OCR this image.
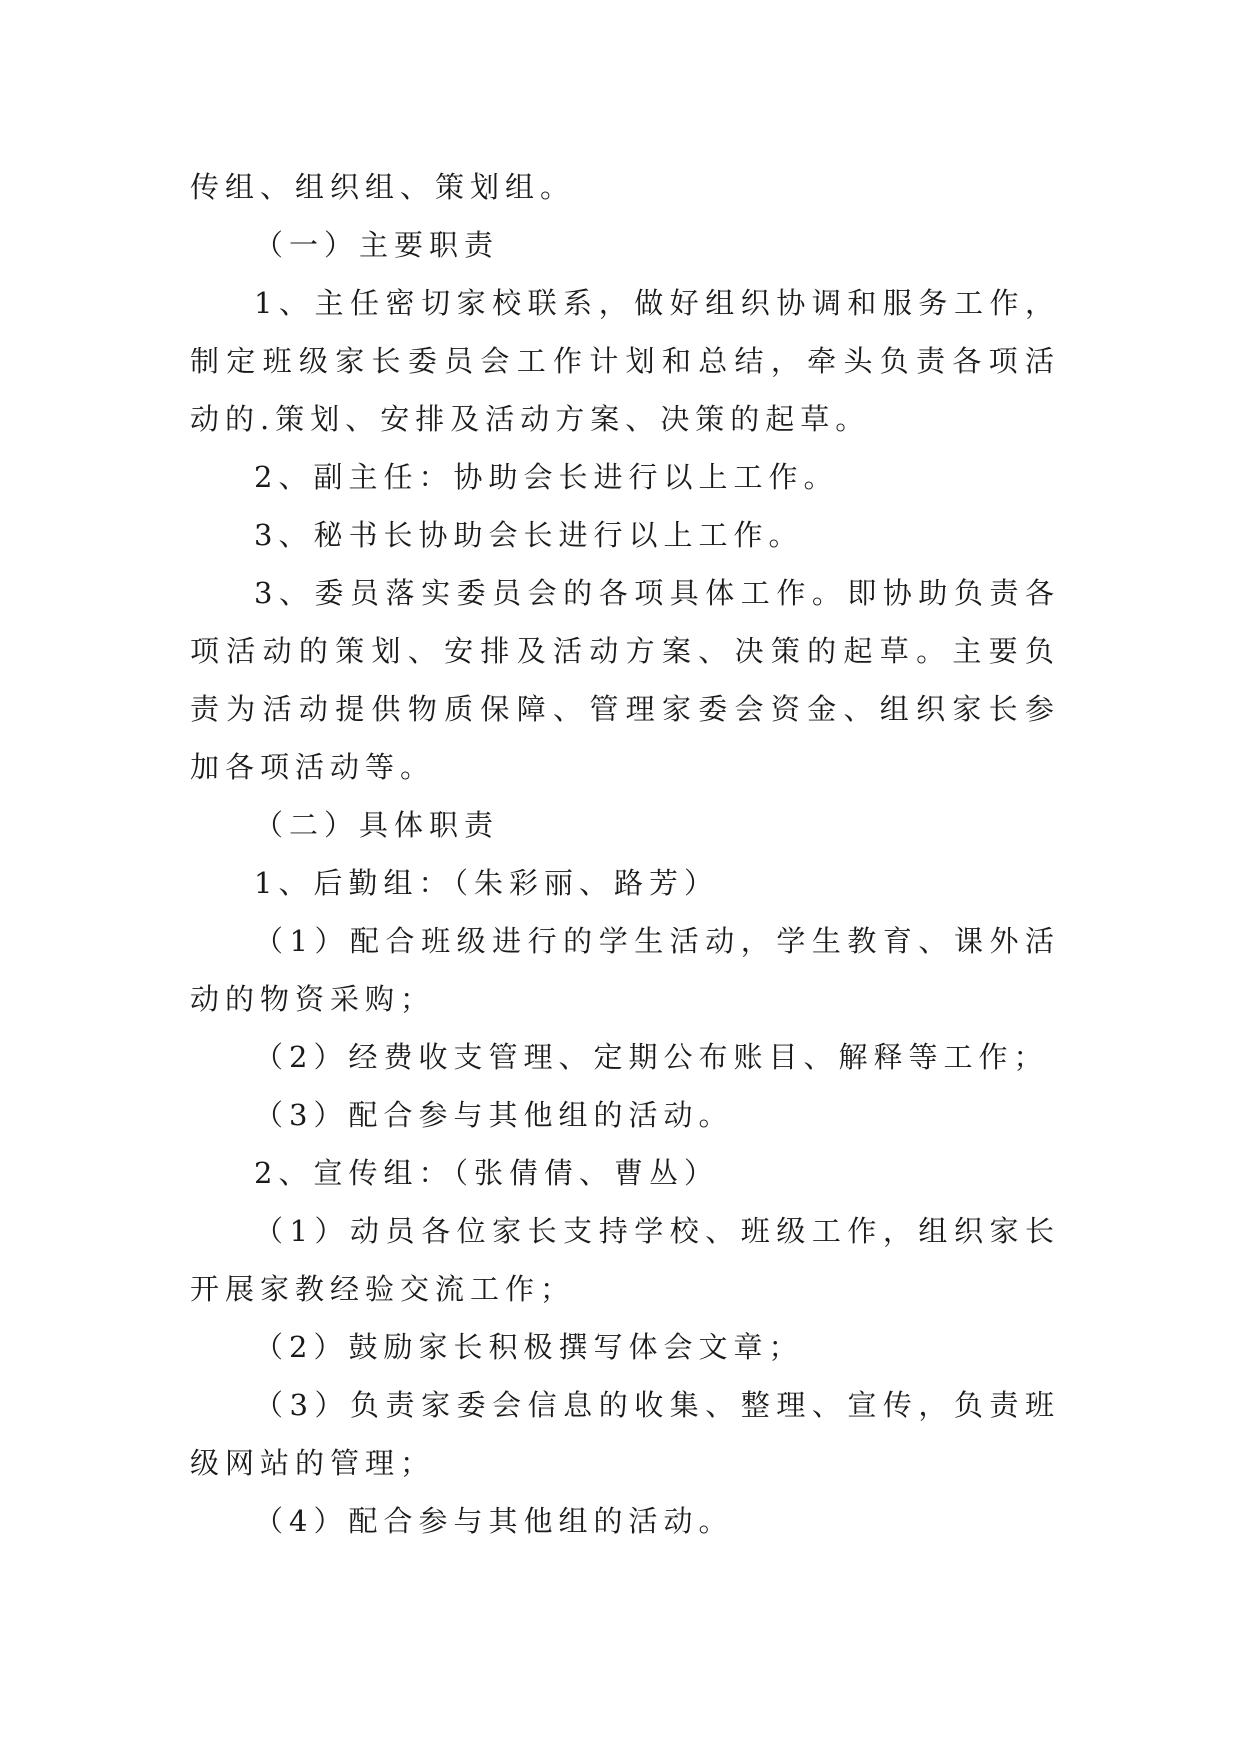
传组、组织组、策划组。

（一）主要职责

1、主任密切家校联系，做好组织协调和服务工作，制定班级家长委员会工作计划和总结，牵头负责各项活动的.策划、安排及活动方案、决策的起草。

2、副主任：协助会长进行以上工作。

3、秘书长协助会长进行以上工作。

3、委员落实委员会的各项具体工作。即协助负责各项活动的策划、安排及活动方案、决策的起草。主要负责为活动提供物质保障、管理家委会资金、组织家长参加各项活动等。

（二）具体职责

1、后勤组：（朱彩丽、路芳）

（1）配合班级进行的学生活动，学生教育、课外活动的物资采购；

（2）经费收支管理、定期公布账目、解释等工作；

（3）配合参与其他组的活动。

2、宣传组：（张倩倩、曹丛）

（1）动员各位家长支持学校、班级工作，组织家长开展家教经验交流工作；

（2）鼓励家长积极撰写体会文章；

（3）负责家委会信息的收集、整理、宣传，负责班级网站的管理；

（4）配合参与其他组的活动。
